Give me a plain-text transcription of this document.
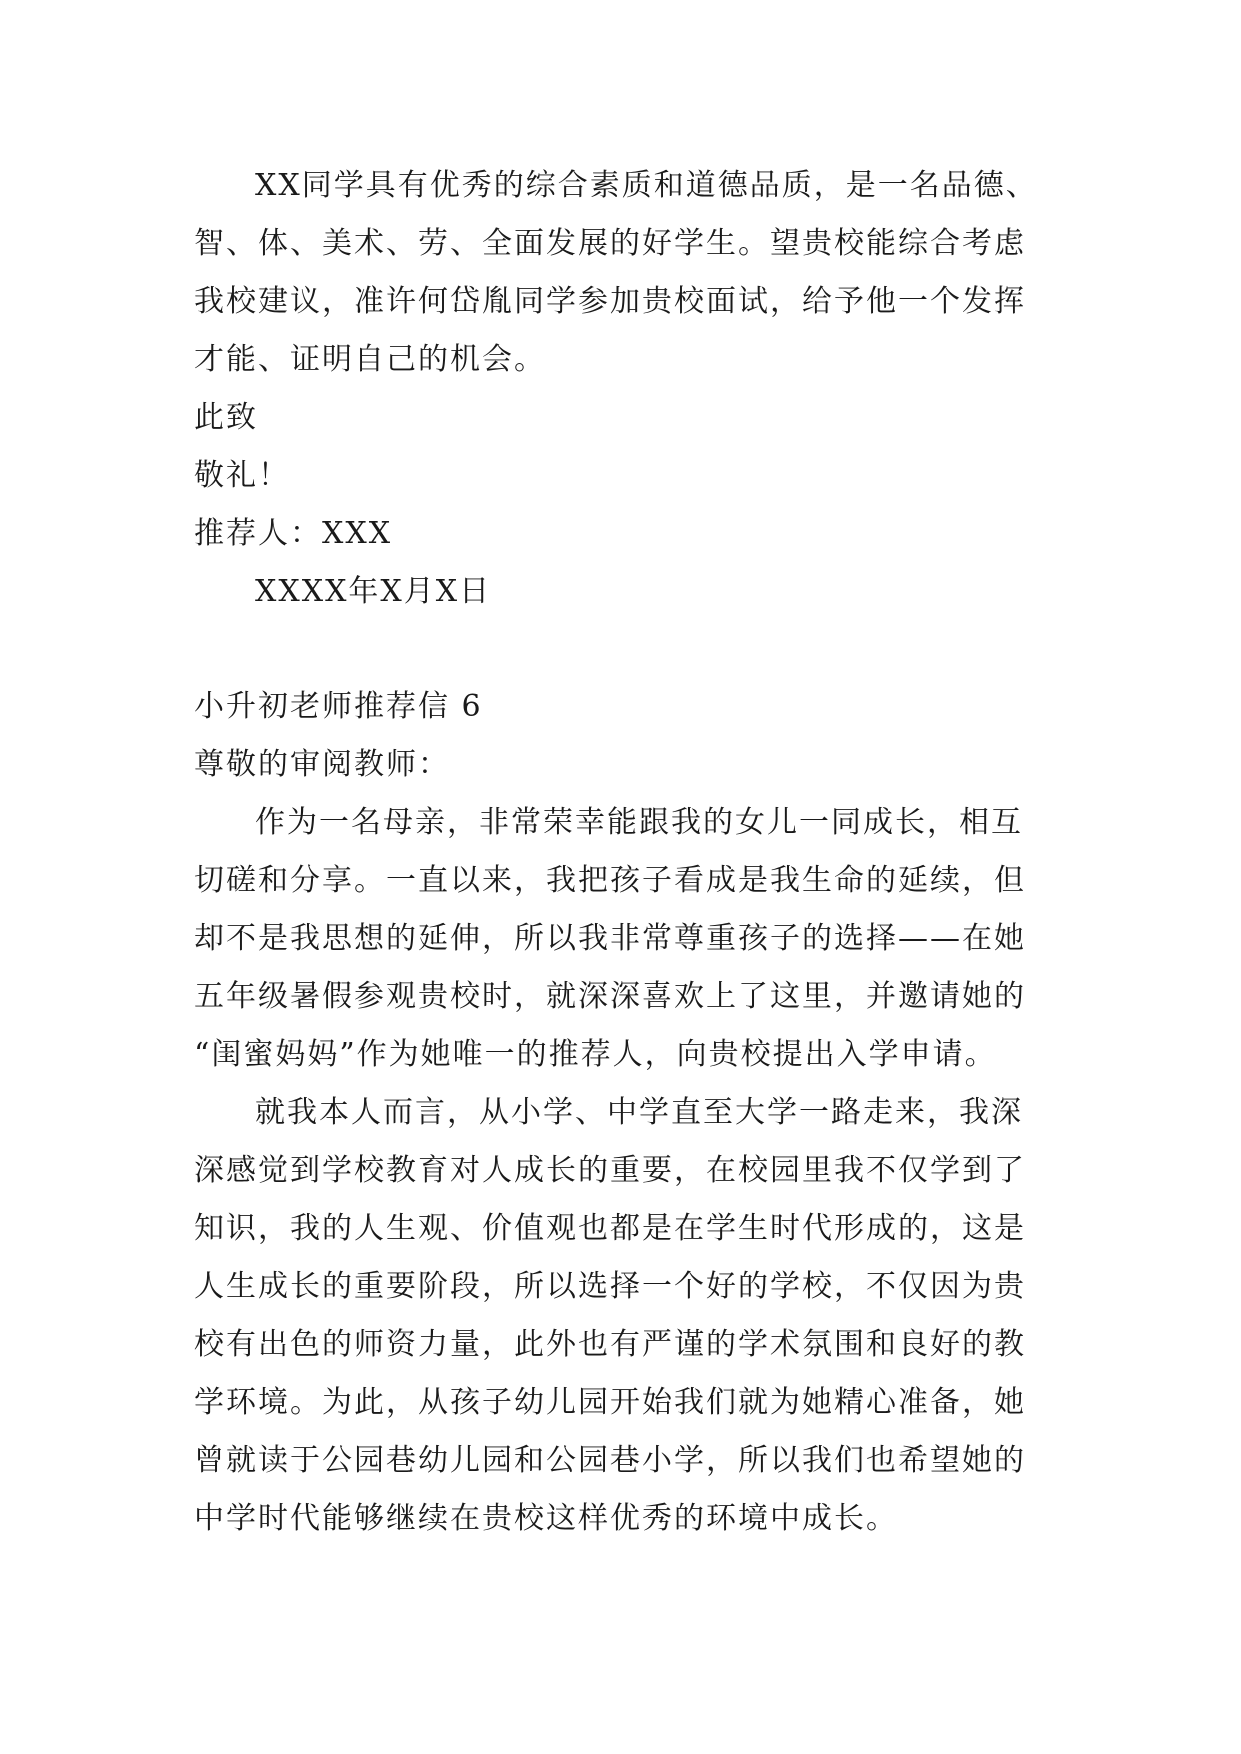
XX同学具有优秀的综合素质和道德品质，是一名品德、

智、体、美术、劳、全面发展的好学生。望贵校能综合考虑

我校建议，准许何岱胤同学参加贵校面试，给予他一个发挥

才能、证明自己的机会。

此致

敬礼！

推荐人：XXX

XXXX年X月X日

小升初老师推荐信 6

尊敬的审阅教师：

作为一名母亲，非常荣幸能跟我的女儿一同成长，相互

切磋和分享。一直以来，我把孩子看成是我生命的延续，但

却不是我思想的延伸，所以我非常尊重孩子的选择——在她

五年级暑假参观贵校时，就深深喜欢上了这里，并邀请她的

“闺蜜妈妈”作为她唯一的推荐人，向贵校提出入学申请。

就我本人而言，从小学、中学直至大学一路走来，我深

深感觉到学校教育对人成长的重要，在校园里我不仅学到了

知识，我的人生观、价值观也都是在学生时代形成的，这是

人生成长的重要阶段，所以选择一个好的学校，不仅因为贵

校有出色的师资力量，此外也有严谨的学术氛围和良好的教

学环境。为此，从孩子幼儿园开始我们就为她精心准备，她

曾就读于公园巷幼儿园和公园巷小学，所以我们也希望她的

中学时代能够继续在贵校这样优秀的环境中成长。
